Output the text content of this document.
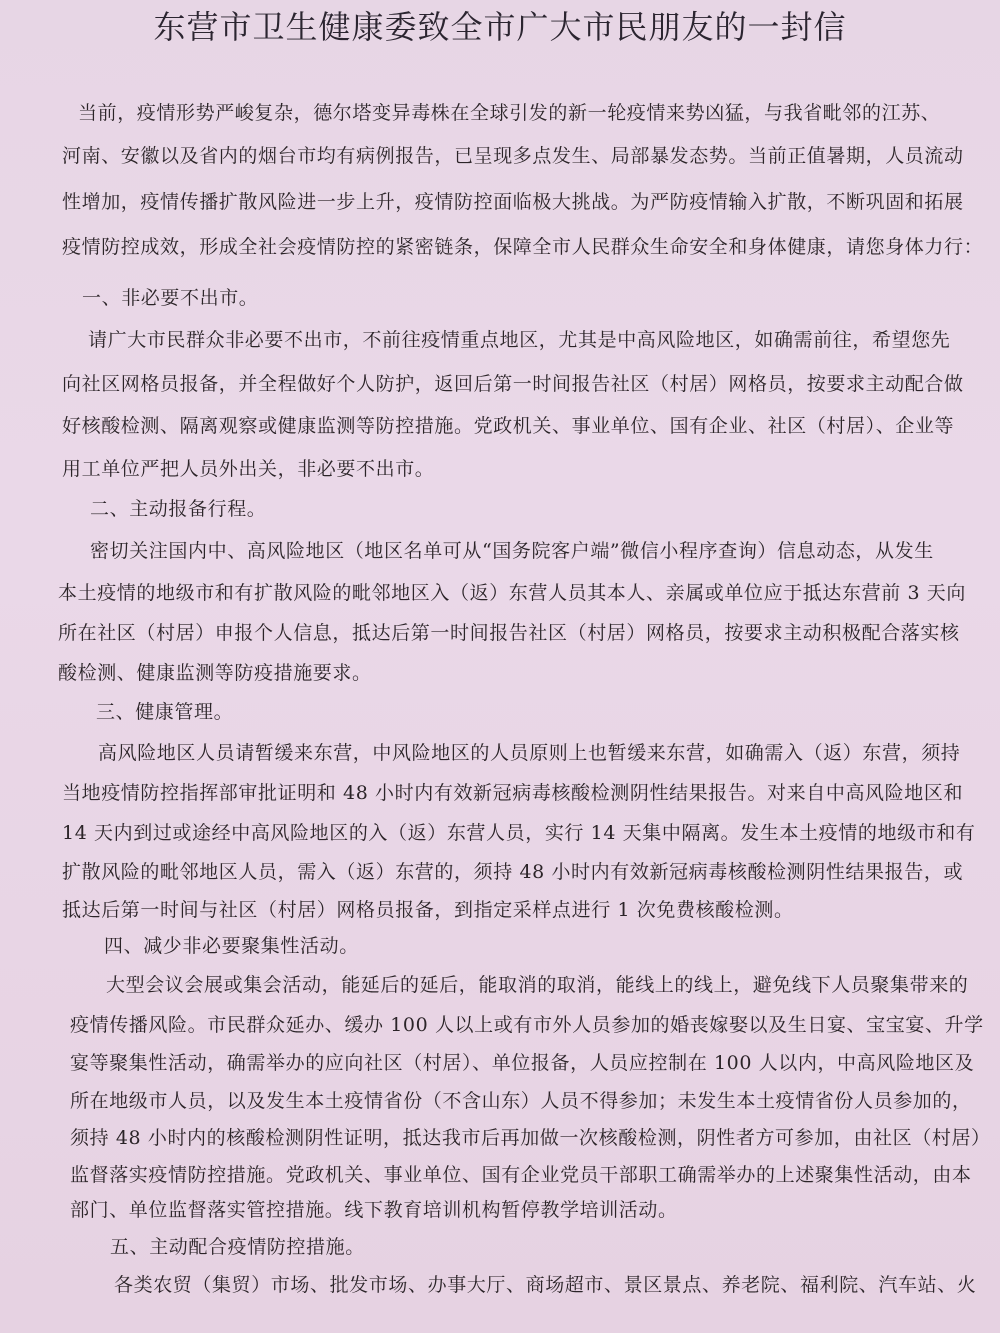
东营市卫生健康委致全市广大市民朋友的一封信
当前，疫情形势严峻复杂，德尔塔变异毒株在全球引发的新一轮疫情来势凶猛，与我省毗邻的江苏、
河南、安徽以及省内的烟台市均有病例报告，已呈现多点发生、局部暴发态势。当前正值暑期，人员流动
性增加，疫情传播扩散风险进一步上升，疫情防控面临极大挑战。为严防疫情输入扩散，不断巩固和拓展
疫情防控成效，形成全社会疫情防控的紧密链条，保障全市人民群众生命安全和身体健康，请您身体力行：
一、非必要不出市。
请广大市民群众非必要不出市，不前往疫情重点地区，尤其是中高风险地区，如确需前往，希望您先
向社区网格员报备，并全程做好个人防护，返回后第一时间报告社区（村居）网格员，按要求主动配合做
好核酸检测、隔离观察或健康监测等防控措施。党政机关、事业单位、国有企业、社区（村居）、企业等
用工单位严把人员外出关，非必要不出市。
二、主动报备行程。
密切关注国内中、高风险地区（地区名单可从“国务院客户端”微信小程序查询）信息动态，从发生
本土疫情的地级市和有扩散风险的毗邻地区入（返）东营人员其本人、亲属或单位应于抵达东营前 3 天向
所在社区（村居）申报个人信息，抵达后第一时间报告社区（村居）网格员，按要求主动积极配合落实核
酸检测、健康监测等防疫措施要求。
三、健康管理。
高风险地区人员请暂缓来东营，中风险地区的人员原则上也暂缓来东营，如确需入（返）东营，须持
当地疫情防控指挥部审批证明和 48 小时内有效新冠病毒核酸检测阴性结果报告。对来自中高风险地区和
14 天内到过或途经中高风险地区的入（返）东营人员，实行 14 天集中隔离。发生本土疫情的地级市和有
扩散风险的毗邻地区人员，需入（返）东营的，须持 48 小时内有效新冠病毒核酸检测阴性结果报告，或
抵达后第一时间与社区（村居）网格员报备，到指定采样点进行 1 次免费核酸检测。
四、减少非必要聚集性活动。
大型会议会展或集会活动，能延后的延后，能取消的取消，能线上的线上，避免线下人员聚集带来的
疫情传播风险。市民群众延办、缓办 100 人以上或有市外人员参加的婚丧嫁娶以及生日宴、宝宝宴、升学
宴等聚集性活动，确需举办的应向社区（村居）、单位报备，人员应控制在 100 人以内，中高风险地区及
所在地级市人员，以及发生本土疫情省份（不含山东）人员不得参加；未发生本土疫情省份人员参加的，
须持 48 小时内的核酸检测阴性证明，抵达我市后再加做一次核酸检测，阴性者方可参加，由社区（村居）
监督落实疫情防控措施。党政机关、事业单位、国有企业党员干部职工确需举办的上述聚集性活动，由本
部门、单位监督落实管控措施。线下教育培训机构暂停教学培训活动。
五、主动配合疫情防控措施。
各类农贸（集贸）市场、批发市场、办事大厅、商场超市、景区景点、养老院、福利院、汽车站、火
